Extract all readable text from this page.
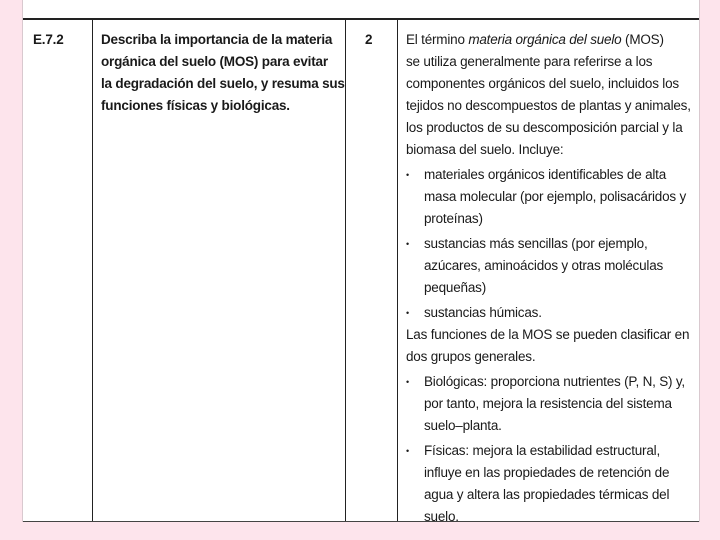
E.7.2	Describa la importancia de la materia
orgánica del suelo (MOS) para evitar
la degradación del suelo, y resuma sus
funciones físicas y biológicas.
2	El término materia orgánica del suelo (MOS)
se utiliza generalmente para referirse a los
componentes orgánicos del suelo, incluidos los
tejidos no descompuestos de plantas y animales,
los productos de su descomposición parcial y la
biomasa del suelo. Incluye:
• materiales orgánicos identificables de alta
masa molecular (por ejemplo, polisacáridos y
proteínas)
• sustancias más sencillas (por ejemplo,
azúcares, aminoácidos y otras moléculas
pequeñas)
• sustancias húmicas.
Las funciones de la MOS se pueden clasificar en
dos grupos generales.
• Biológicas: proporciona nutrientes (P, N, S) y,
por tanto, mejora la resistencia del sistema
suelo–planta.
• Físicas: mejora la estabilidad estructural,
influye en las propiedades de retención de
agua y altera las propiedades térmicas del
suelo.
